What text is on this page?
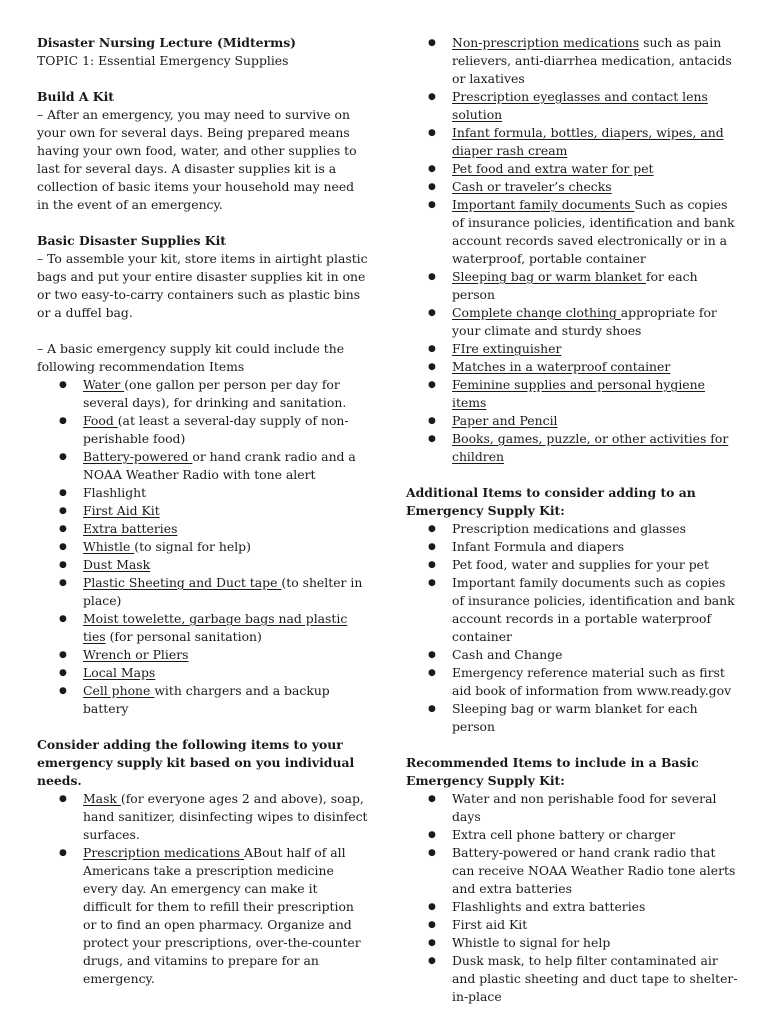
Disaster Nursing Lecture (Midterms)

TOPIC 1: Essential Emergency Supplies

Build A Kit

– After an emergency, you may need to survive on your own for several days. Being prepared means having your own food, water, and other supplies to last for several days. A disaster supplies kit is a collection of basic items your household may need in the event of an emergency.

Basic Disaster Supplies Kit

– To assemble your kit, store items in airtight plastic bags and put your entire disaster supplies kit in one or two easy-to-carry containers such as plastic bins or a duffel bag.

– A basic emergency supply kit could include the following recommendation Items

● Water (one gallon per person per day for several days), for drinking and sanitation.
● Food (at least a several-day supply of non-perishable food)
● Battery-powered or hand crank radio and a NOAA Weather Radio with tone alert
● Flashlight
● First Aid Kit
● Extra batteries
● Whistle (to signal for help)
● Dust Mask
● Plastic Sheeting and Duct tape (to shelter in place)
● Moist towelette, garbage bags nad plastic ties (for personal sanitation)
● Wrench or Pliers
● Local Maps
● Cell phone with chargers and a backup battery

Consider adding the following items to your emergency supply kit based on you individual needs.

● Mask (for everyone ages 2 and above), soap, hand sanitizer, disinfecting wipes to disinfect surfaces.
● Prescription medications ABout half of all Americans take a prescription medicine every day. An emergency can make it difficult for them to refill their prescription or to find an open pharmacy. Organize and protect your prescriptions, over-the-counter drugs, and vitamins to prepare for an emergency.
● Non-prescription medications such as pain relievers, anti-diarrhea medication, antacids or laxatives
● Prescription eyeglasses and contact lens solution
● Infant formula, bottles, diapers, wipes, and diaper rash cream
● Pet food and extra water for pet
● Cash or traveler’s checks
● Important family documents Such as copies of insurance policies, identification and bank account records saved electronically or in a waterproof, portable container
● Sleeping bag or warm blanket for each person
● Complete change clothing appropriate for your climate and sturdy shoes
● FIre extinguisher
● Matches in a waterproof container
● Feminine supplies and personal hygiene items
● Paper and Pencil
● Books, games, puzzle, or other activities for children

Additional Items to consider adding to an Emergency Supply Kit:

● Prescription medications and glasses
● Infant Formula and diapers
● Pet food, water and supplies for your pet
● Important family documents such as copies of insurance policies, identification and bank account records in a portable waterproof container
● Cash and Change
● Emergency reference material such as first aid book of information from www.ready.gov
● Sleeping bag or warm blanket for each person

Recommended Items to include in a Basic Emergency Supply Kit:

● Water and non perishable food for several days
● Extra cell phone battery or charger
● Battery-powered or hand crank radio that can receive NOAA Weather Radio tone alerts and extra batteries
● Flashlights and extra batteries
● First aid Kit
● Whistle to signal for help
● Dusk mask, to help filter contaminated air and plastic sheeting and duct tape to shelter-in-place
